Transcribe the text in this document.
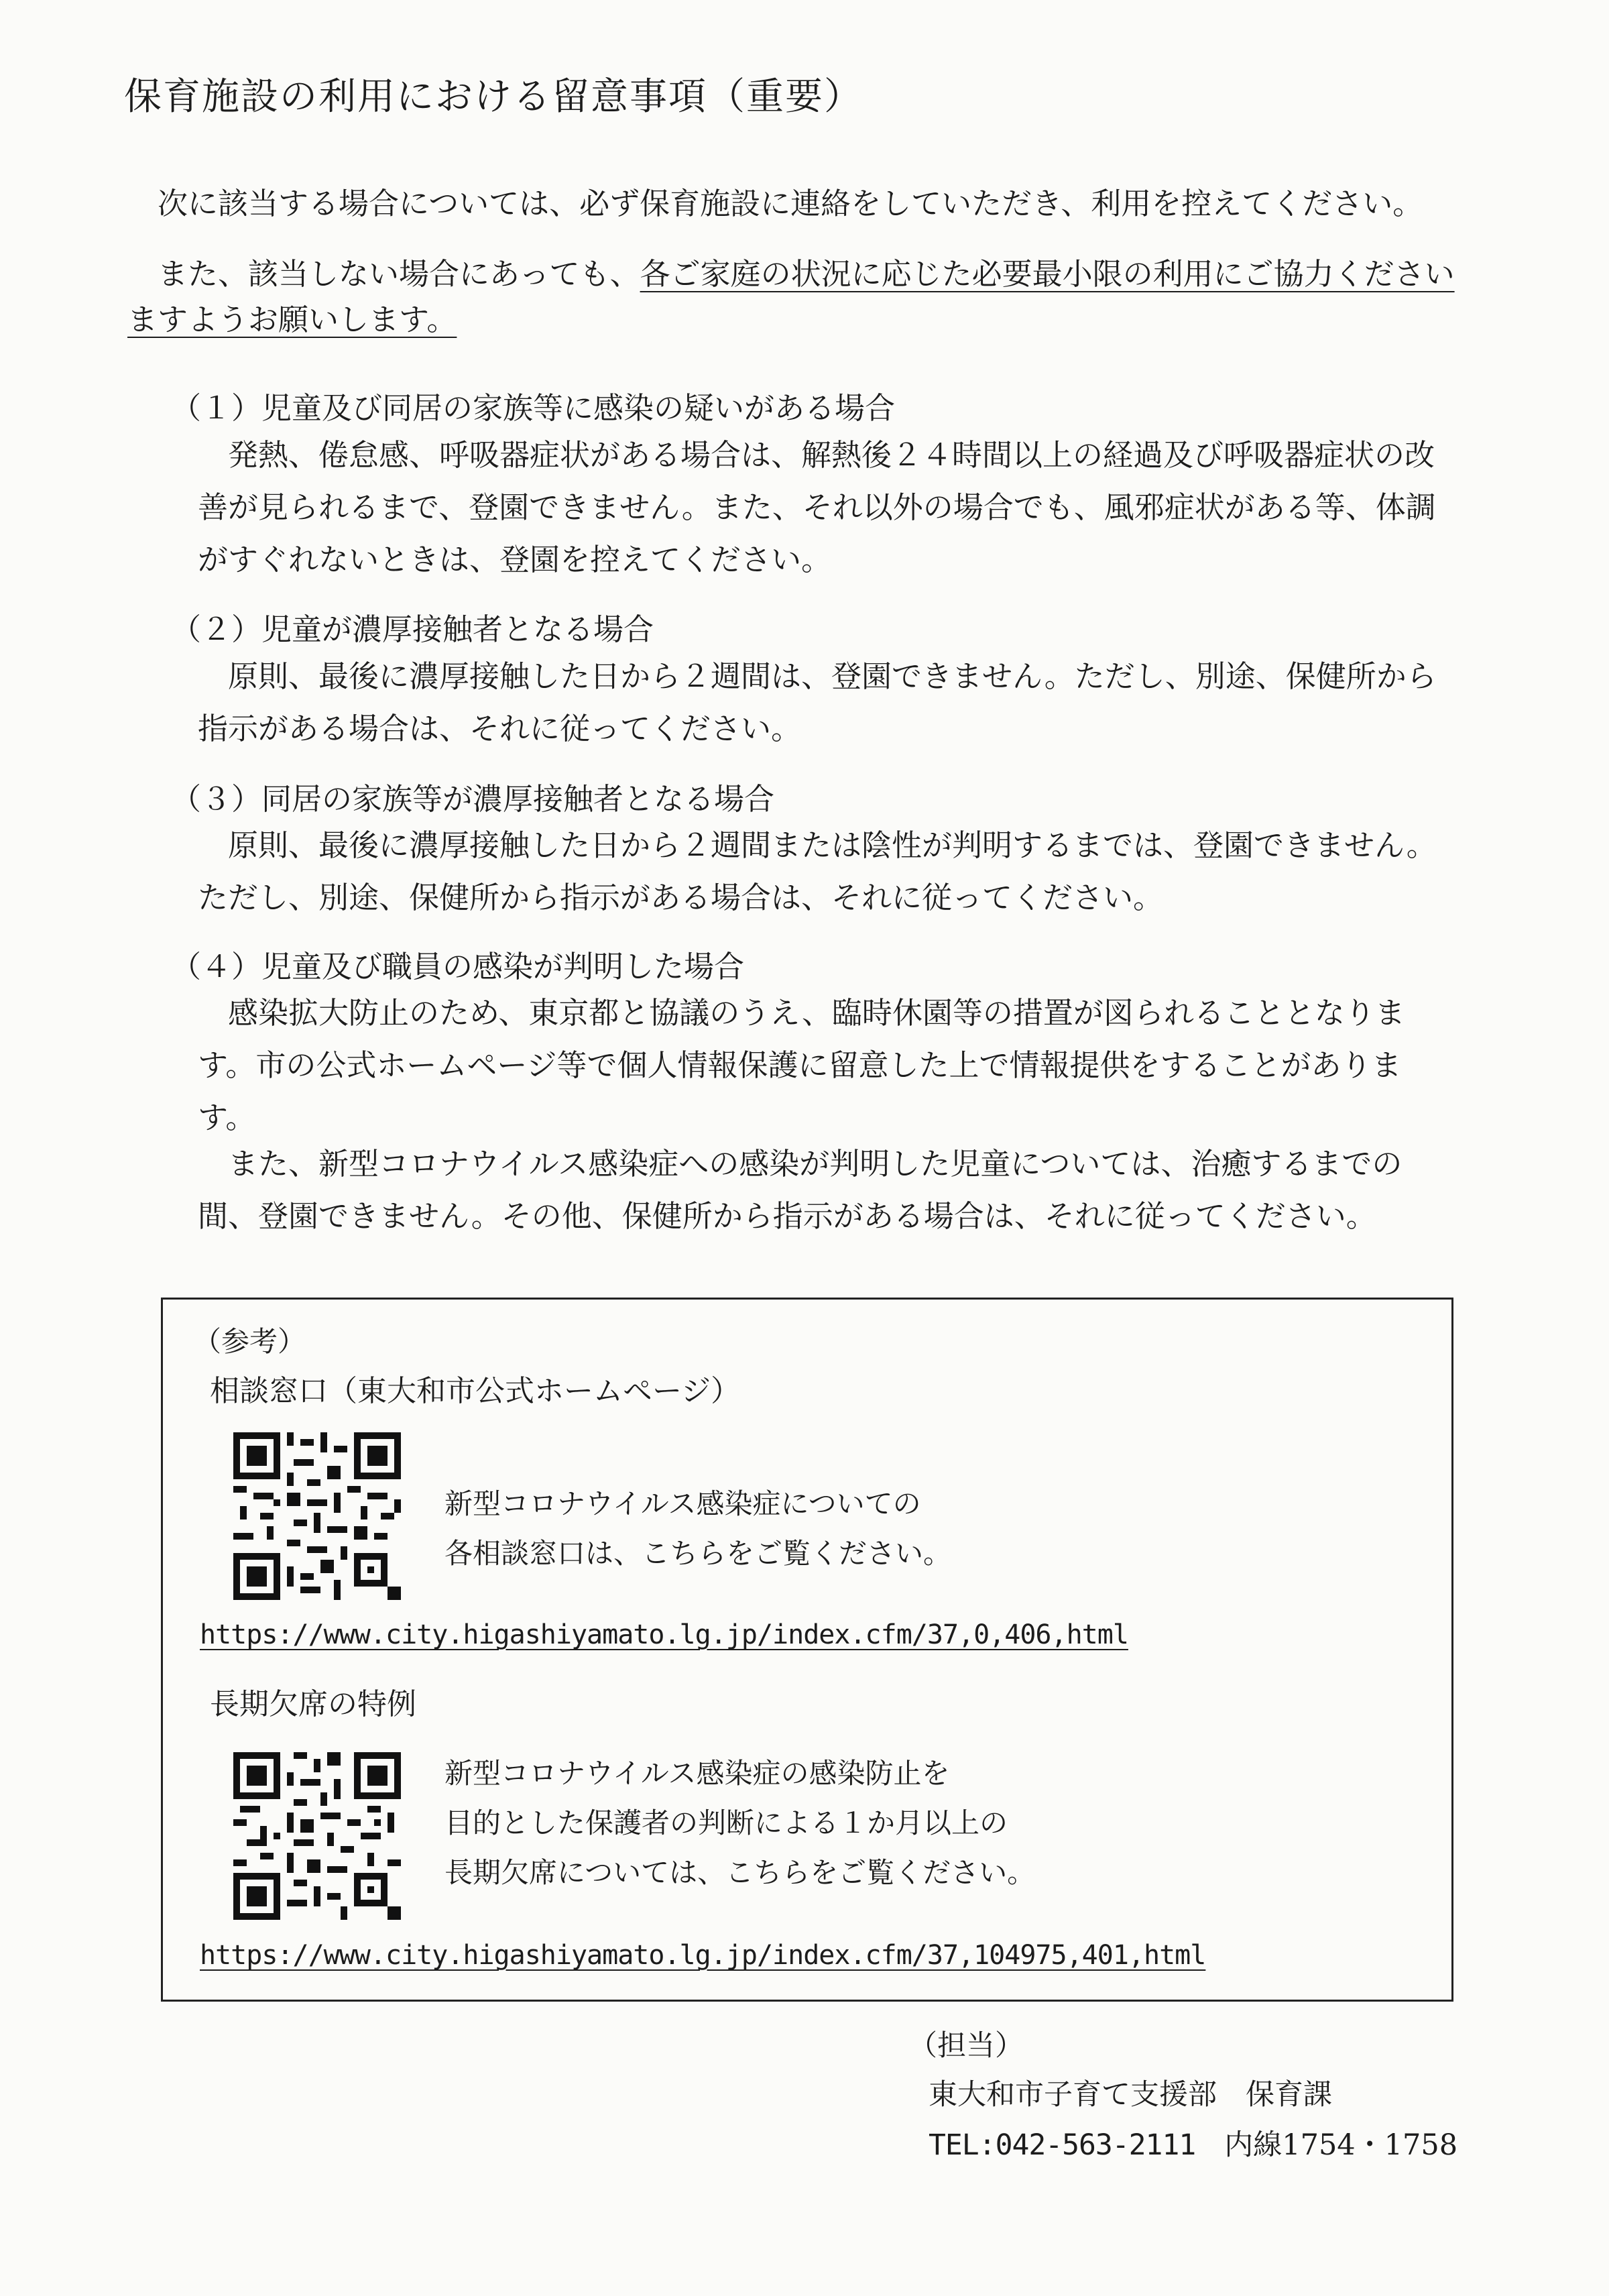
保育施設の利用における留意事項（重要）
次に該当する場合については、必ず保育施設に連絡をしていただき、利用を控えてください。
また、該当しない場合にあっても、各ご家庭の状況に応じた必要最小限の利用にご協力くださいますようお願いします。
（１）児童及び同居の家族等に感染の疑いがある場合
発熱、倦怠感、呼吸器症状がある場合は、解熱後２４時間以上の経過及び呼吸器症状の改善が見られるまで、登園できません。また、それ以外の場合でも、風邪症状がある等、体調がすぐれないときは、登園を控えてください。
（２）児童が濃厚接触者となる場合
原則、最後に濃厚接触した日から２週間は、登園できません。ただし、別途、保健所から指示がある場合は、それに従ってください。
（３）同居の家族等が濃厚接触者となる場合
原則、最後に濃厚接触した日から２週間または陰性が判明するまでは、登園できません。ただし、別途、保健所から指示がある場合は、それに従ってください。
（４）児童及び職員の感染が判明した場合
感染拡大防止のため、東京都と協議のうえ、臨時休園等の措置が図られることとなります。市の公式ホームページ等で個人情報保護に留意した上で情報提供をすることがあります。
また、新型コロナウイルス感染症への感染が判明した児童については、治癒するまでの間、登園できません。その他、保健所から指示がある場合は、それに従ってください。
（参考）
相談窓口（東大和市公式ホームページ）
新型コロナウイルス感染症についての
各相談窓口は、こちらをご覧ください。
https://www.city.higashiyamato.lg.jp/index.cfm/37,0,406,html
長期欠席の特例
新型コロナウイルス感染症の感染防止を
目的とした保護者の判断による１か月以上の
長期欠席については、こちらをご覧ください。
https://www.city.higashiyamato.lg.jp/index.cfm/37,104975,401,html
（担当）
東大和市子育て支援部　保育課
TEL:042-563-2111　 内線1754・1758
